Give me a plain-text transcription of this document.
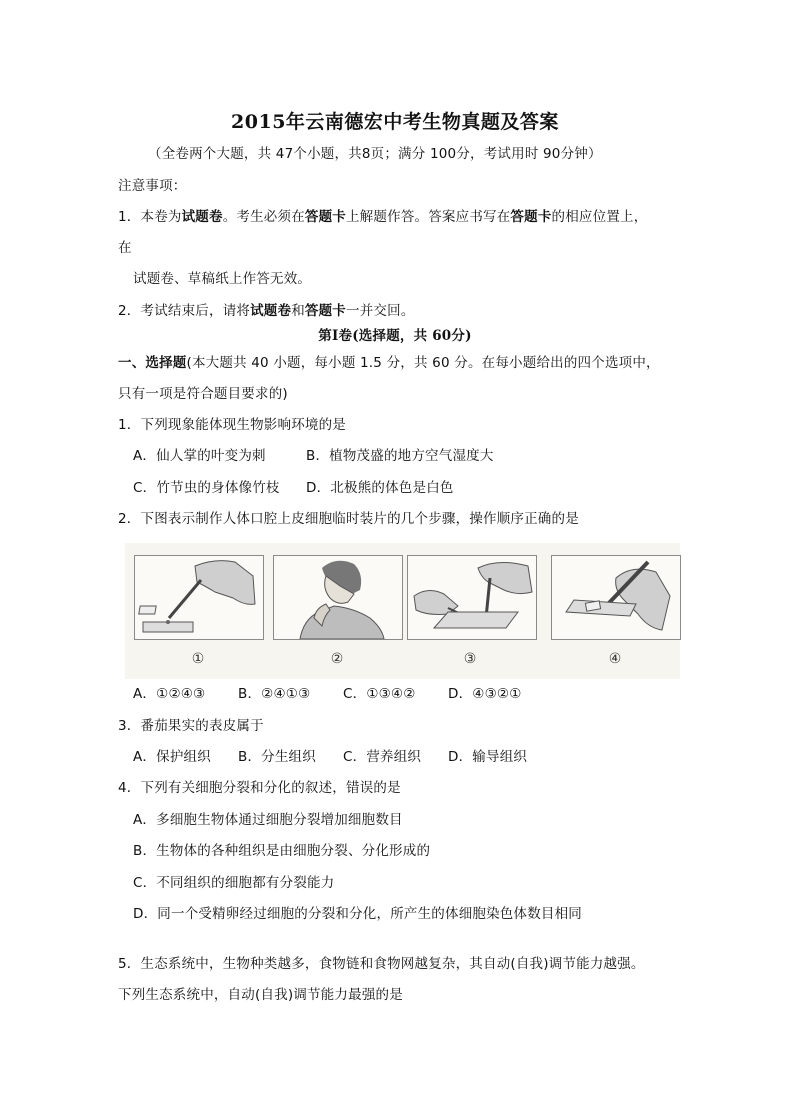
2015年云南德宏中考生物真题及答案
（全卷两个大题，共 47个小题，共8页；满分 100分，考试用时 90分钟）
注意事项：
1．本卷为试题卷。考生必须在答题卡上解题作答。答案应书写在答题卡的相应位置上，
在
试题卷、草稿纸上作答无效。
2．考试结束后，请将试题卷和答题卡一并交回。
第Ⅰ卷(选择题，共 60分)
一、选择题(本大题共 40 小题，每小题 1.5 分，共 60 分。在每小题给出的四个选项中，
只有一项是符合题目要求的)
1．下列现象能体现生物影响环境的是
A．仙人掌的叶变为刺	B．植物茂盛的地方空气湿度大
C．竹节虫的身体像竹枝 D．北极熊的体色是白色
2．下图表示制作人体口腔上皮细胞临时装片的几个步骤，操作顺序正确的是
①	②	③	④
A．①②④③ B．②④①③ C．①③④② D．④③②①
3．番茄果实的表皮属于
A．保护组织 B．分生组织 C．营养组织 D．输导组织
4．下列有关细胞分裂和分化的叙述，错误的是
A．多细胞生物体通过细胞分裂增加细胞数目
B．生物体的各种组织是由细胞分裂、分化形成的
C．不同组织的细胞都有分裂能力
D．同一个受精卵经过细胞的分裂和分化，所产生的体细胞染色体数目相同
5．生态系统中，生物种类越多，食物链和食物网越复杂，其自动(自我)调节能力越强。
下列生态系统中，自动(自我)调节能力最强的是
